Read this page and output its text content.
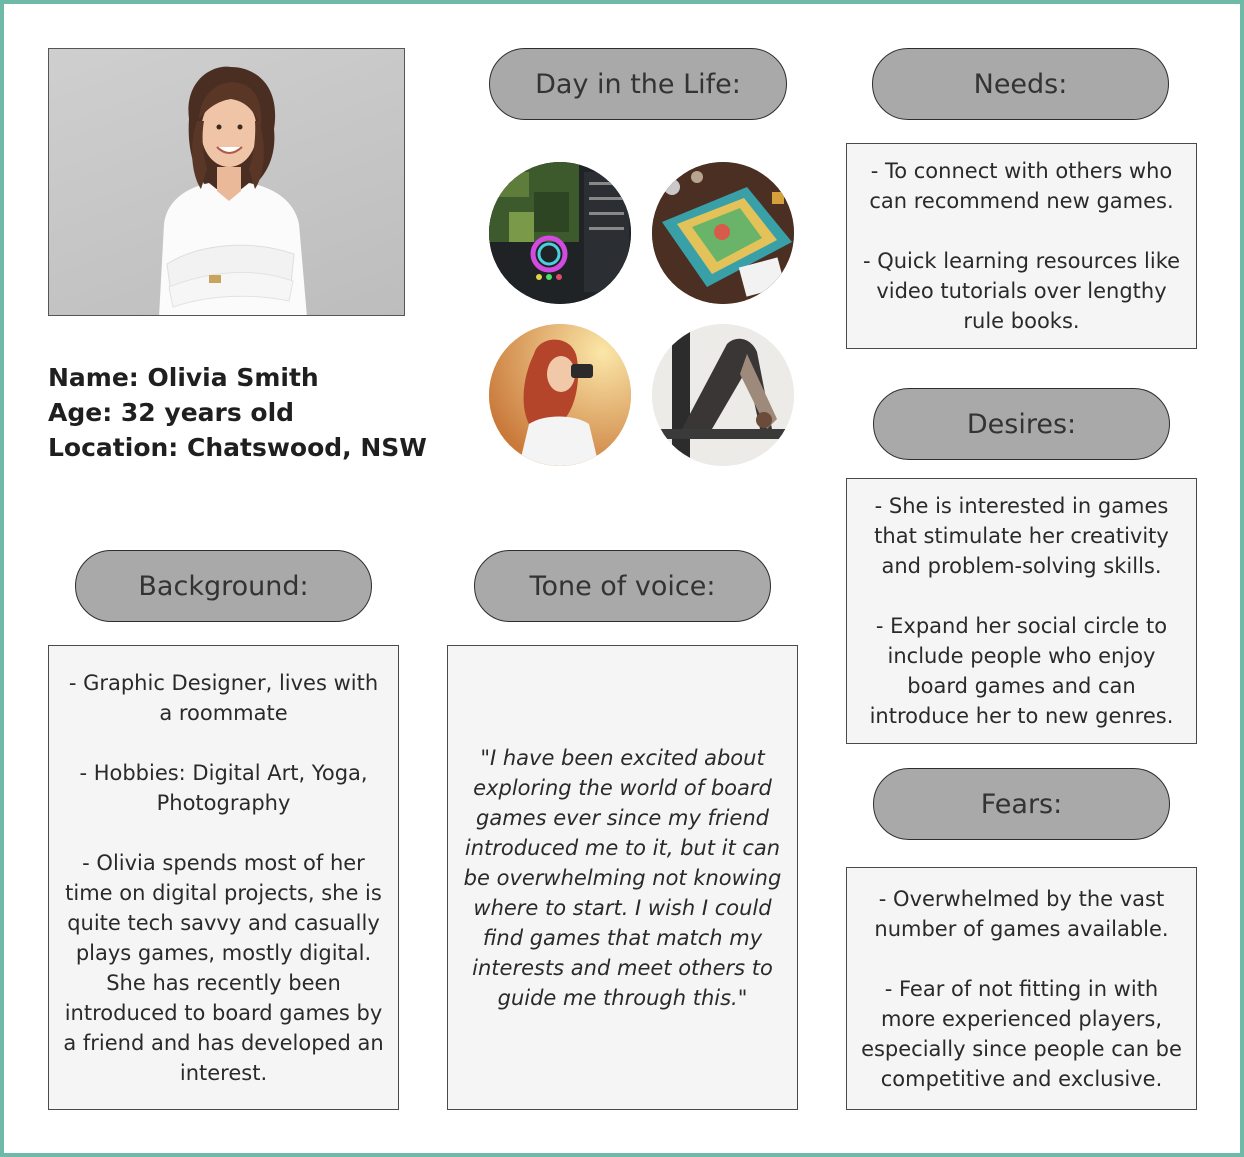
Name: Olivia Smith
Age: 32 years old
Location: Chatswood, NSW
Day in the Life:	Needs:

- To connect with others who can recommend new games.

- Quick learning resources like video tutorials over lengthy rule books.

Desires:

- She is interested in games that stimulate her creativity and problem-solving skills.

- Expand her social circle to include people who enjoy board games and can introduce her to new genres.

Fears:

- Overwhelmed by the vast number of games available.

- Fear of not fitting in with more experienced players, especially since people can be competitive and exclusive.

Background:

- Graphic Designer, lives with a roommate

- Hobbies: Digital Art, Yoga, Photography

- Olivia spends most of her time on digital projects, she is quite tech savvy and casually plays games, mostly digital. She has recently been introduced to board games by a friend and has developed an interest.

Tone of voice:

"I have been excited about exploring the world of board games ever since my friend introduced me to it, but it can be overwhelming not knowing where to start. I wish I could find games that match my interests and meet others to guide me through this."
